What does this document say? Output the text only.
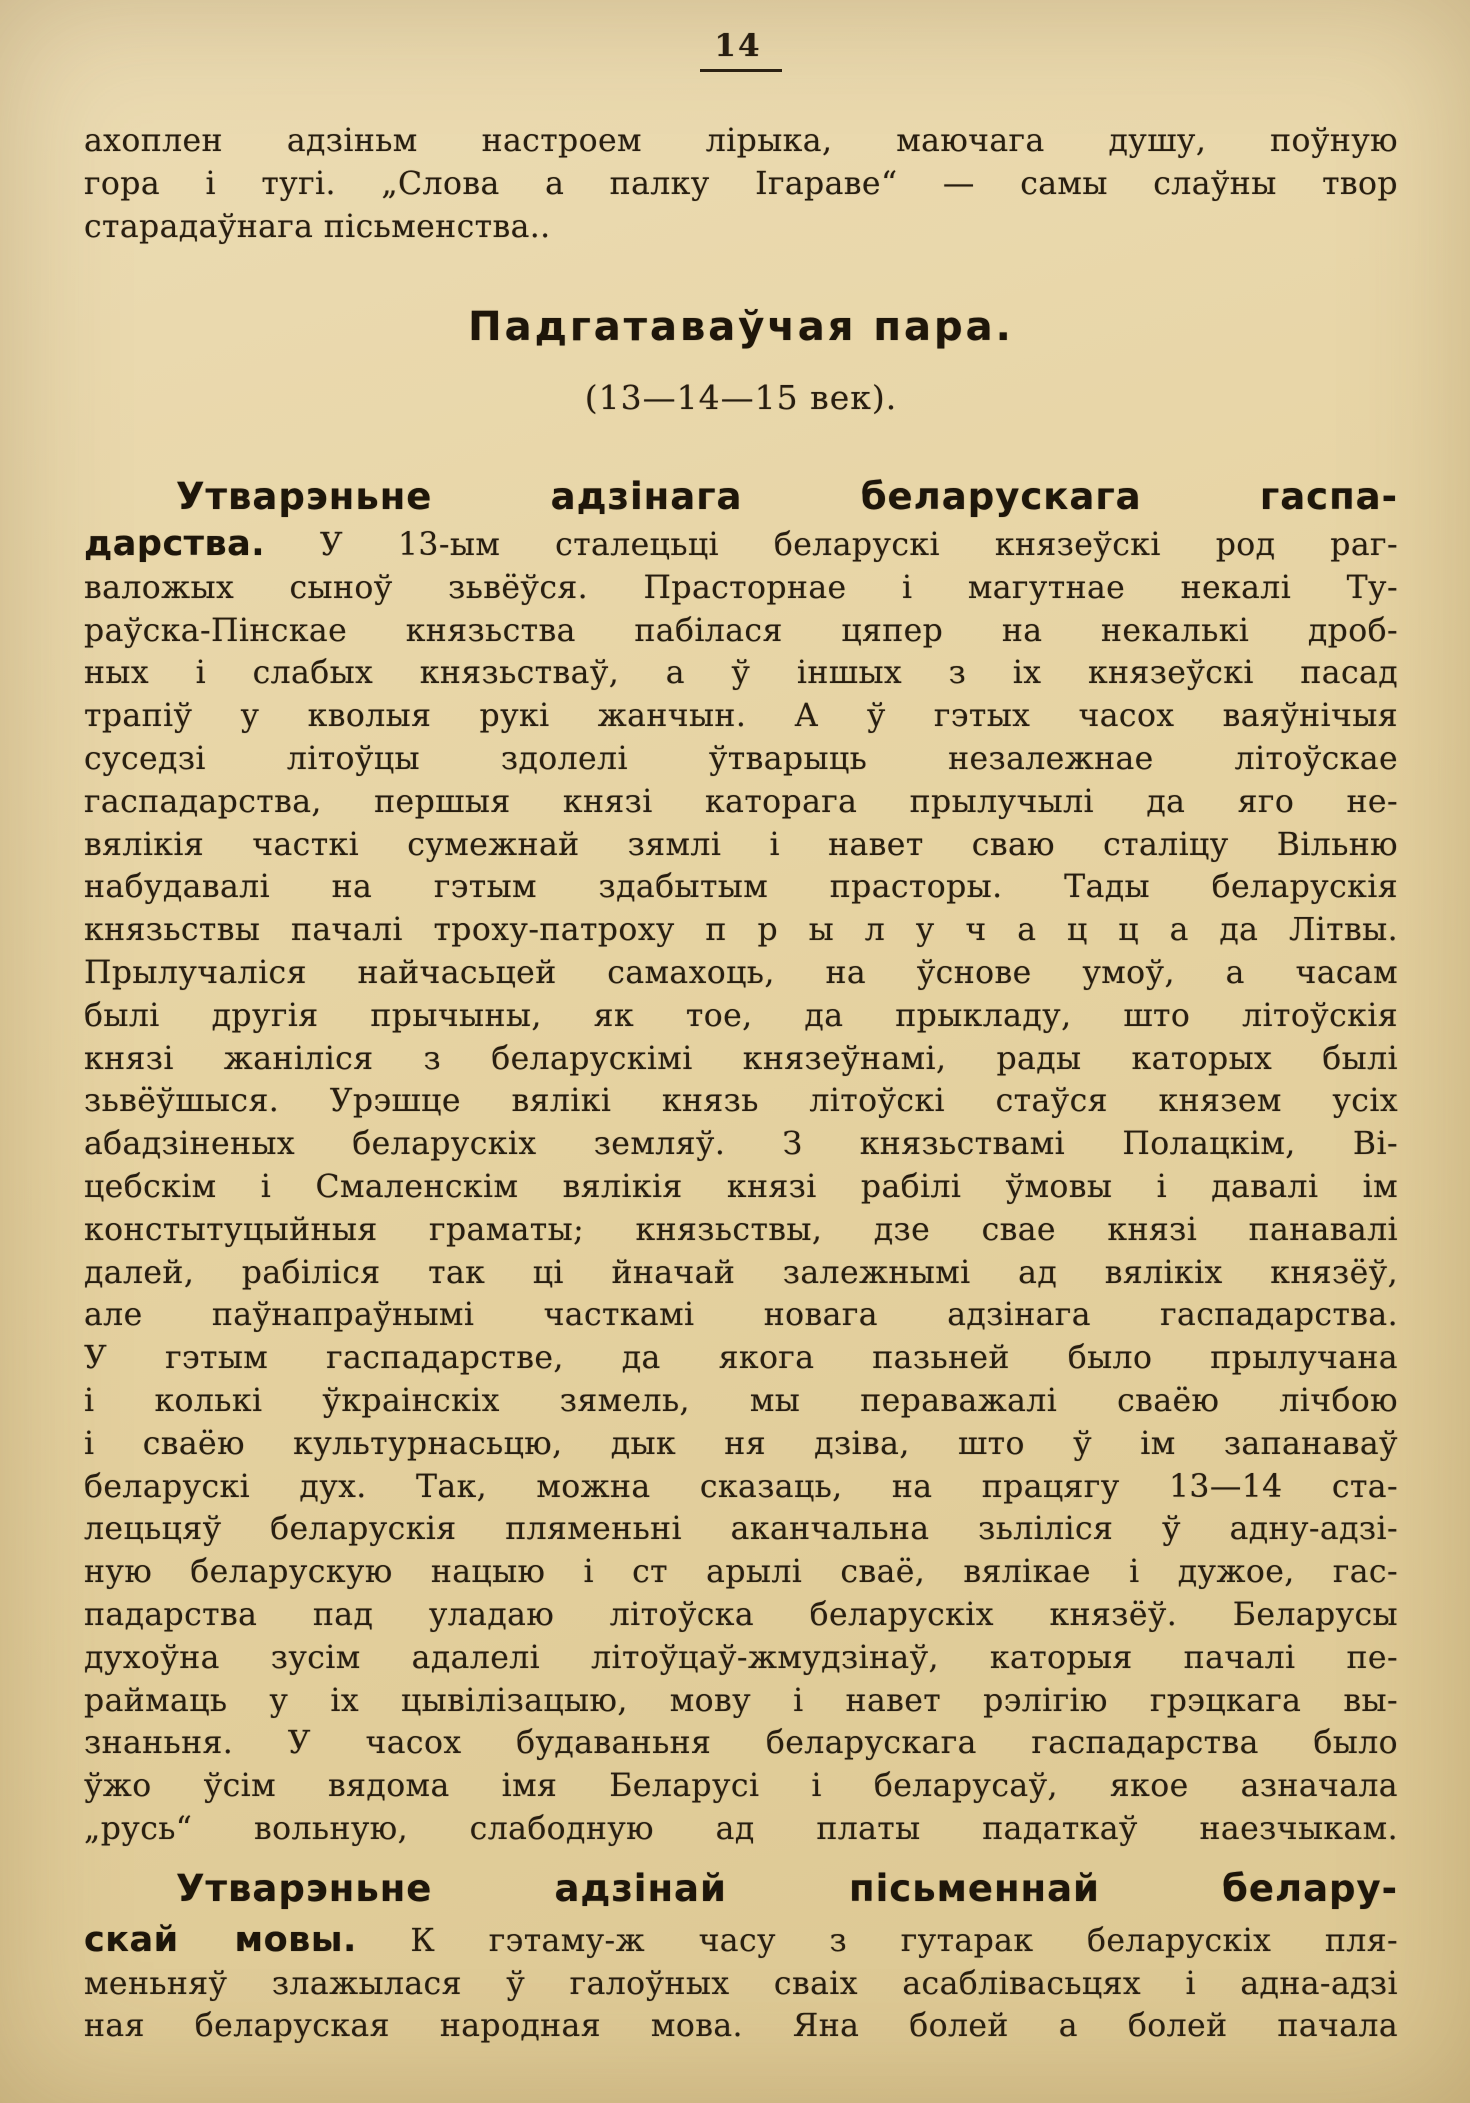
14
ахоплен адзіньм настроем лірыка, маючага душу, поўную
гора і тугі. „Слова а палку Ігараве“ — самы слаўны твор
старадаўнага пісьменства..
Падгатаваўчая пара.
(13—14—15 век).
Утварэньне адзінага беларускага гаспа-
дарства. У 13-ым сталецьці беларускі князеўскі род раг-
валожых сыноў зьвёўся. Прасторнае і магутнае некалі Ту-
раўска-Пінскае князьства пабілася цяпер на некалькі дроб-
ных і слабых князьстваў, а ў іншых з іх князеўскі пасад
трапіў у кволыя рукі жанчын. А ў гэтых часох ваяўнічыя
суседзі літоўцы здолелі ўтварыць незалежнае літоўскае
гаспадарства, першыя князі каторага прылучылі да яго не-
вялікія часткі сумежнай зямлі і навет сваю сталіцу Вільню
набудавалі на гэтым здабытым прасторы. Тады беларускія
князьствы пачалі троху-патроху п р ы л у ч а ц ц а да Літвы.
Прылучаліся найчасьцей самахоць, на ўснове умоў, а часам
былі другія прычыны, як тое, да прыкладу, што літоўскія
князі жаніліся з беларускімі князеўнамі, рады каторых былі
зьвёўшыся. Урэшце вялікі князь літоўскі стаўся князем усіх
абадзіненых беларускіх земляў. З князьствамі Полацкім, Ві-
цебскім і Смаленскім вялікія князі рабілі ўмовы і давалі ім
констытуцыйныя граматы; князьствы, дзе свае князі панавалі
далей, рабіліся так ці йначай залежнымі ад вялікіх князёў,
але паўнапраўнымі часткамі новага адзінага гаспадарства.
У гэтым гаспадарстве, да якога пазьней было прылучана
і колькі ўкраінскіх зямель, мы пераважалі сваёю лічбою
і сваёю культурнасьцю, дык ня дзіва, што ў ім запанаваў
беларускі дух. Так, можна сказаць, на працягу 13—14 ста-
лецьцяў беларускія пляменьні аканчальна зьліліся ў адну-адзі-
ную беларускую нацыю і ст арылі сваё, вялікае і дужое, гас-
падарства пад уладаю літоўска беларускіх князёў. Беларусы
духоўна зусім адалелі літоўцаў-жмудзінаў, каторыя пачалі пе-
раймаць у іх цывілізацыю, мову і навет рэлігію грэцкага вы-
знаньня. У часох будаваньня беларускага гаспадарства было
ўжо ўсім вядома імя Беларусі і беларусаў, якое азначала
„русь“ вольную, слабодную ад платы падаткаў наезчыкам.
Утварэньне адзінай пісьменнай белару-
скай мовы. К гэтаму-ж часу з гутарак беларускіх пля-
меньняў злажылася ў галоўных сваіх асаблівасьцях і адна-адзі
ная беларуская народная мова. Яна болей а болей пачала
